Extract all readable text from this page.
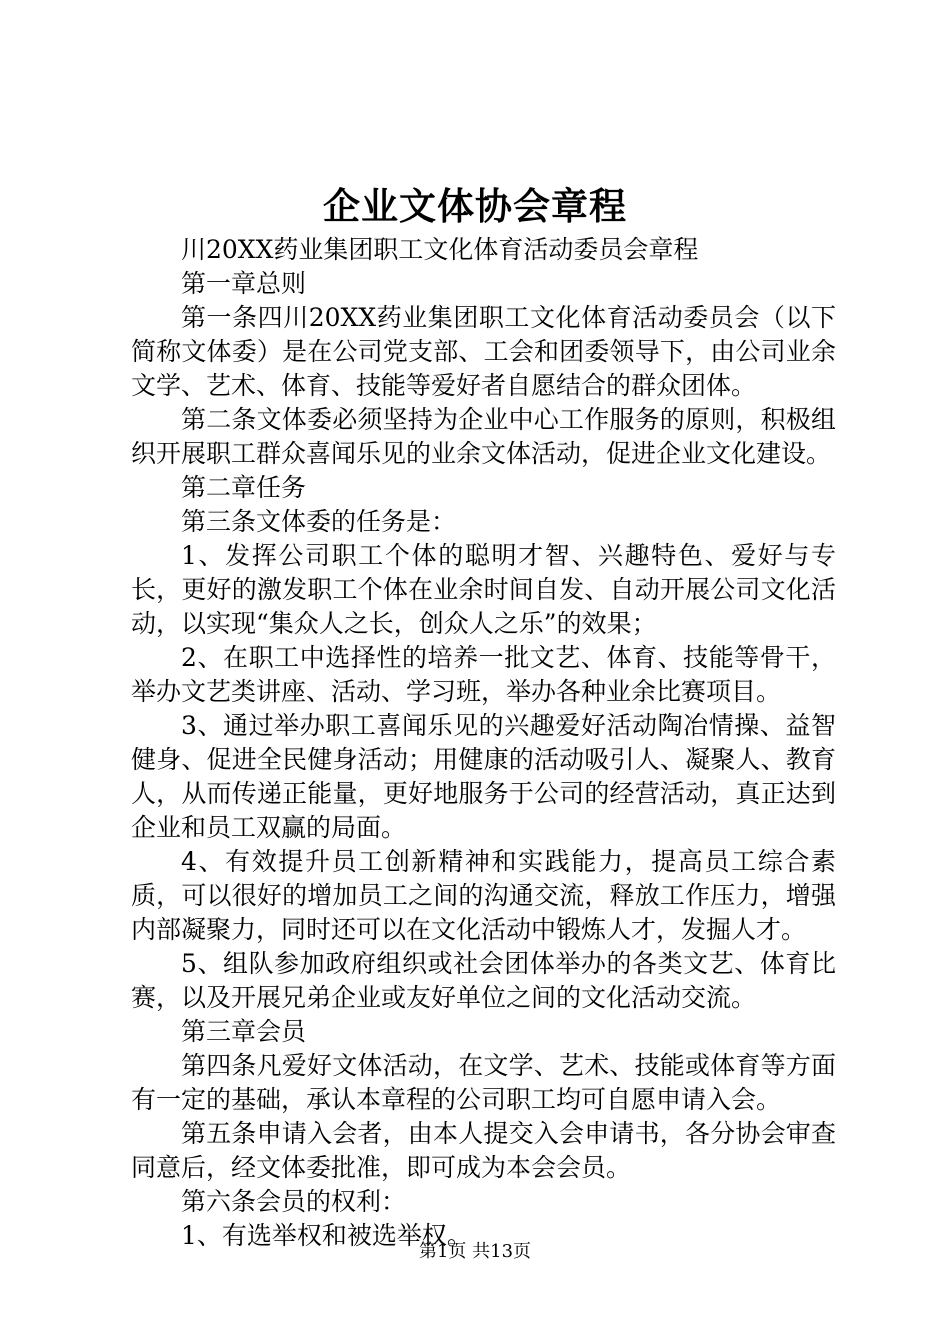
企业文体协会章程

川20XX药业集团职工文化体育活动委员会章程

第一章总则

第一条四川20XX药业集团职工文化体育活动委员会（以下简称文体委）是在公司党支部、工会和团委领导下，由公司业余文学、艺术、体育、技能等爱好者自愿结合的群众团体。

第二条文体委必须坚持为企业中心工作服务的原则，积极组织开展职工群众喜闻乐见的业余文体活动，促进企业文化建设。

第二章任务

第三条文体委的任务是：

1、发挥公司职工个体的聪明才智、兴趣特色、爱好与专长，更好的激发职工个体在业余时间自发、自动开展公司文化活动，以实现“集众人之长，创众人之乐”的效果；

2、在职工中选择性的培养一批文艺、体育、技能等骨干，举办文艺类讲座、活动、学习班，举办各种业余比赛项目。

3、通过举办职工喜闻乐见的兴趣爱好活动陶冶情操、益智健身、促进全民健身活动；用健康的活动吸引人、凝聚人、教育人，从而传递正能量，更好地服务于公司的经营活动，真正达到企业和员工双赢的局面。

4、有效提升员工创新精神和实践能力，提高员工综合素质，可以很好的增加员工之间的沟通交流，释放工作压力，增强内部凝聚力，同时还可以在文化活动中锻炼人才，发掘人才。

5、组队参加政府组织或社会团体举办的各类文艺、体育比赛，以及开展兄弟企业或友好单位之间的文化活动交流。

第三章会员

第四条凡爱好文体活动，在文学、艺术、技能或体育等方面有一定的基础，承认本章程的公司职工均可自愿申请入会。

第五条申请入会者，由本人提交入会申请书，各分协会审查同意后，经文体委批准，即可成为本会会员。

第六条会员的权利：

1、有选举权和被选举权。

第1页 共13页
